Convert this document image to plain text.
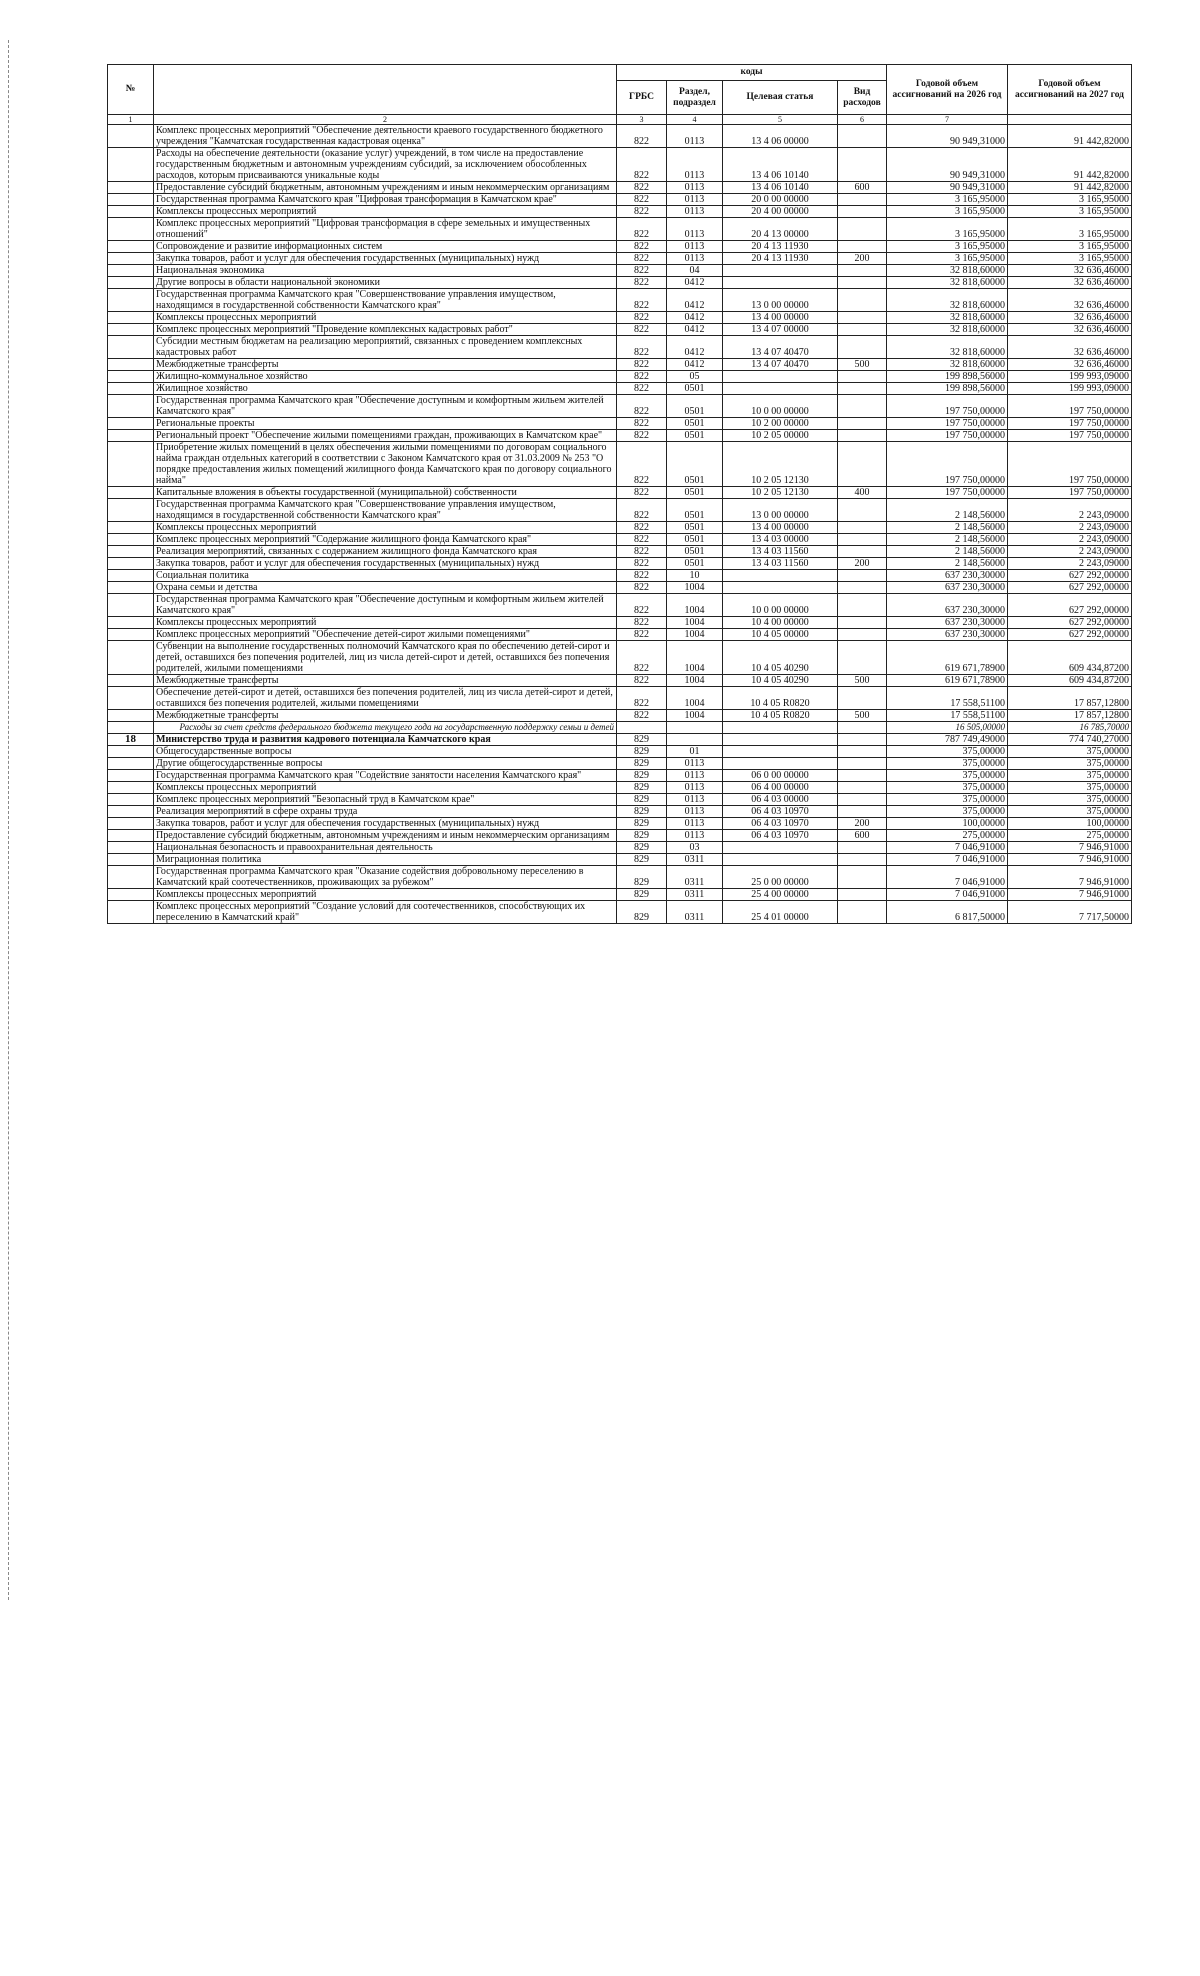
№		коды				Годовой объем ассигнований на 2026 год	Годовой объем ассигнований на 2027 год
		ГРБС	Раздел, подраздел	Целевая статья	Вид расходов		
1	2	3	4	5	6	7	
	Комплекс процессных мероприятий "Обеспечение деятельности краевого государственного бюджетного учреждения "Камчатская государственная кадастровая оценка"	822	0113	13 4 06 00000		90 949,31000	91 442,82000
	Расходы на обеспечение деятельности (оказание услуг) учреждений, в том числе на предоставление государственным бюджетным и автономным учреждениям субсидий, за исключением обособленных расходов, которым присваиваются уникальные коды	822	0113	13 4 06 10140		90 949,31000	91 442,82000
	Предоставление субсидий бюджетным, автономным учреждениям и иным некоммерческим организациям	822	0113	13 4 06 10140	600	90 949,31000	91 442,82000
	Государственная программа Камчатского края "Цифровая трансформация в Камчатском крае"	822	0113	20 0 00 00000		3 165,95000	3 165,95000
	Комплексы процессных мероприятий	822	0113	20 4 00 00000		3 165,95000	3 165,95000
	Комплекс процессных мероприятий "Цифровая трансформация в сфере земельных и имущественных отношений"	822	0113	20 4 13 00000		3 165,95000	3 165,95000
	Сопровождение и развитие информационных систем	822	0113	20 4 13 11930		3 165,95000	3 165,95000
	Закупка товаров, работ и услуг для обеспечения государственных (муниципальных) нужд	822	0113	20 4 13 11930	200	3 165,95000	3 165,95000
	Национальная экономика	822	04			32 818,60000	32 636,46000
	Другие вопросы в области национальной экономики	822	0412			32 818,60000	32 636,46000
	Государственная программа Камчатского края "Совершенствование управления имуществом, находящимся в государственной собственности Камчатского края"	822	0412	13 0 00 00000		32 818,60000	32 636,46000
	Комплексы процессных мероприятий	822	0412	13 4 00 00000		32 818,60000	32 636,46000
	Комплекс процессных мероприятий "Проведение комплексных кадастровых работ"	822	0412	13 4 07 00000		32 818,60000	32 636,46000
	Субсидии местным бюджетам на реализацию мероприятий, связанных с проведением комплексных кадастровых работ	822	0412	13 4 07 40470		32 818,60000	32 636,46000
	Межбюджетные трансферты	822	0412	13 4 07 40470	500	32 818,60000	32 636,46000
	Жилищно-коммунальное хозяйство	822	05			199 898,56000	199 993,09000
	Жилищное хозяйство	822	0501			199 898,56000	199 993,09000
	Государственная программа Камчатского края "Обеспечение доступным и комфортным жильем жителей Камчатского края"	822	0501	10 0 00 00000		197 750,00000	197 750,00000
	Региональные проекты	822	0501	10 2 00 00000		197 750,00000	197 750,00000
	Региональный проект "Обеспечение жилыми помещениями граждан, проживающих в Камчатском крае"	822	0501	10 2 05 00000		197 750,00000	197 750,00000
	Приобретение жилых помещений в целях обеспечения жилыми помещениями по договорам социального найма граждан отдельных категорий в соответствии с Законом Камчатского края от 31.03.2009 № 253 "О порядке предоставления жилых помещений жилищного фонда Камчатского края по договору социального найма"	822	0501	10 2 05 12130		197 750,00000	197 750,00000
	Капитальные вложения в объекты государственной (муниципальной) собственности	822	0501	10 2 05 12130	400	197 750,00000	197 750,00000
	Государственная программа Камчатского края "Совершенствование управления имуществом, находящимся в государственной собственности Камчатского края"	822	0501	13 0 00 00000		2 148,56000	2 243,09000
	Комплексы процессных мероприятий	822	0501	13 4 00 00000		2 148,56000	2 243,09000
	Комплекс процессных мероприятий "Содержание жилищного фонда Камчатского края"	822	0501	13 4 03 00000		2 148,56000	2 243,09000
	Реализация мероприятий, связанных с содержанием жилищного фонда Камчатского края	822	0501	13 4 03 11560		2 148,56000	2 243,09000
	Закупка товаров, работ и услуг для обеспечения государственных (муниципальных) нужд	822	0501	13 4 03 11560	200	2 148,56000	2 243,09000
	Социальная политика	822	10			637 230,30000	627 292,00000
	Охрана семьи и детства	822	1004			637 230,30000	627 292,00000
	Государственная программа Камчатского края "Обеспечение доступным и комфортным жильем жителей Камчатского края"	822	1004	10 0 00 00000		637 230,30000	627 292,00000
	Комплексы процессных мероприятий	822	1004	10 4 00 00000		637 230,30000	627 292,00000
	Комплекс процессных мероприятий "Обеспечение детей-сирот жилыми помещениями"	822	1004	10 4 05 00000		637 230,30000	627 292,00000
	Субвенции на выполнение государственных полномочий Камчатского края по обеспечению детей-сирот и детей, оставшихся без попечения родителей, лиц из числа детей-сирот и детей, оставшихся без попечения родителей, жилыми помещениями	822	1004	10 4 05 40290		619 671,78900	609 434,87200
	Межбюджетные трансферты	822	1004	10 4 05 40290	500	619 671,78900	609 434,87200
	Обеспечение детей-сирот и детей, оставшихся без попечения родителей, лиц из числа детей-сирот и детей, оставшихся без попечения родителей, жилыми помещениями	822	1004	10 4 05 R0820		17 558,51100	17 857,12800
	Межбюджетные трансферты	822	1004	10 4 05 R0820	500	17 558,51100	17 857,12800
	Расходы за счет средств федерального бюджета текущего года на государственную поддержку семьи и детей					16 505,00000	16 785,70000
18	Министерство труда и развития кадрового потенциала Камчатского края	829				787 749,49000	774 740,27000
	Общегосударственные вопросы	829	01			375,00000	375,00000
	Другие общегосударственные вопросы	829	0113			375,00000	375,00000
	Государственная программа Камчатского края "Содействие занятости населения Камчатского края"	829	0113	06 0 00 00000		375,00000	375,00000
	Комплексы процессных мероприятий	829	0113	06 4 00 00000		375,00000	375,00000
	Комплекс процессных мероприятий "Безопасный труд в Камчатском крае"	829	0113	06 4 03 00000		375,00000	375,00000
	Реализация мероприятий в сфере охраны труда	829	0113	06 4 03 10970		375,00000	375,00000
	Закупка товаров, работ и услуг для обеспечения государственных (муниципальных) нужд	829	0113	06 4 03 10970	200	100,00000	100,00000
	Предоставление субсидий бюджетным, автономным учреждениям и иным некоммерческим организациям	829	0113	06 4 03 10970	600	275,00000	275,00000
	Национальная безопасность и правоохранительная деятельность	829	03			7 046,91000	7 946,91000
	Миграционная политика	829	0311			7 046,91000	7 946,91000
	Государственная программа Камчатского края "Оказание содействия добровольному переселению в Камчатский край соотечественников, проживающих за рубежом"	829	0311	25 0 00 00000		7 046,91000	7 946,91000
	Комплексы процессных мероприятий	829	0311	25 4 00 00000		7 046,91000	7 946,91000
	Комплекс процессных мероприятий "Создание условий для соотечественников, способствующих их переселению в Камчатский край"	829	0311	25 4 01 00000		6 817,50000	7 717,50000
